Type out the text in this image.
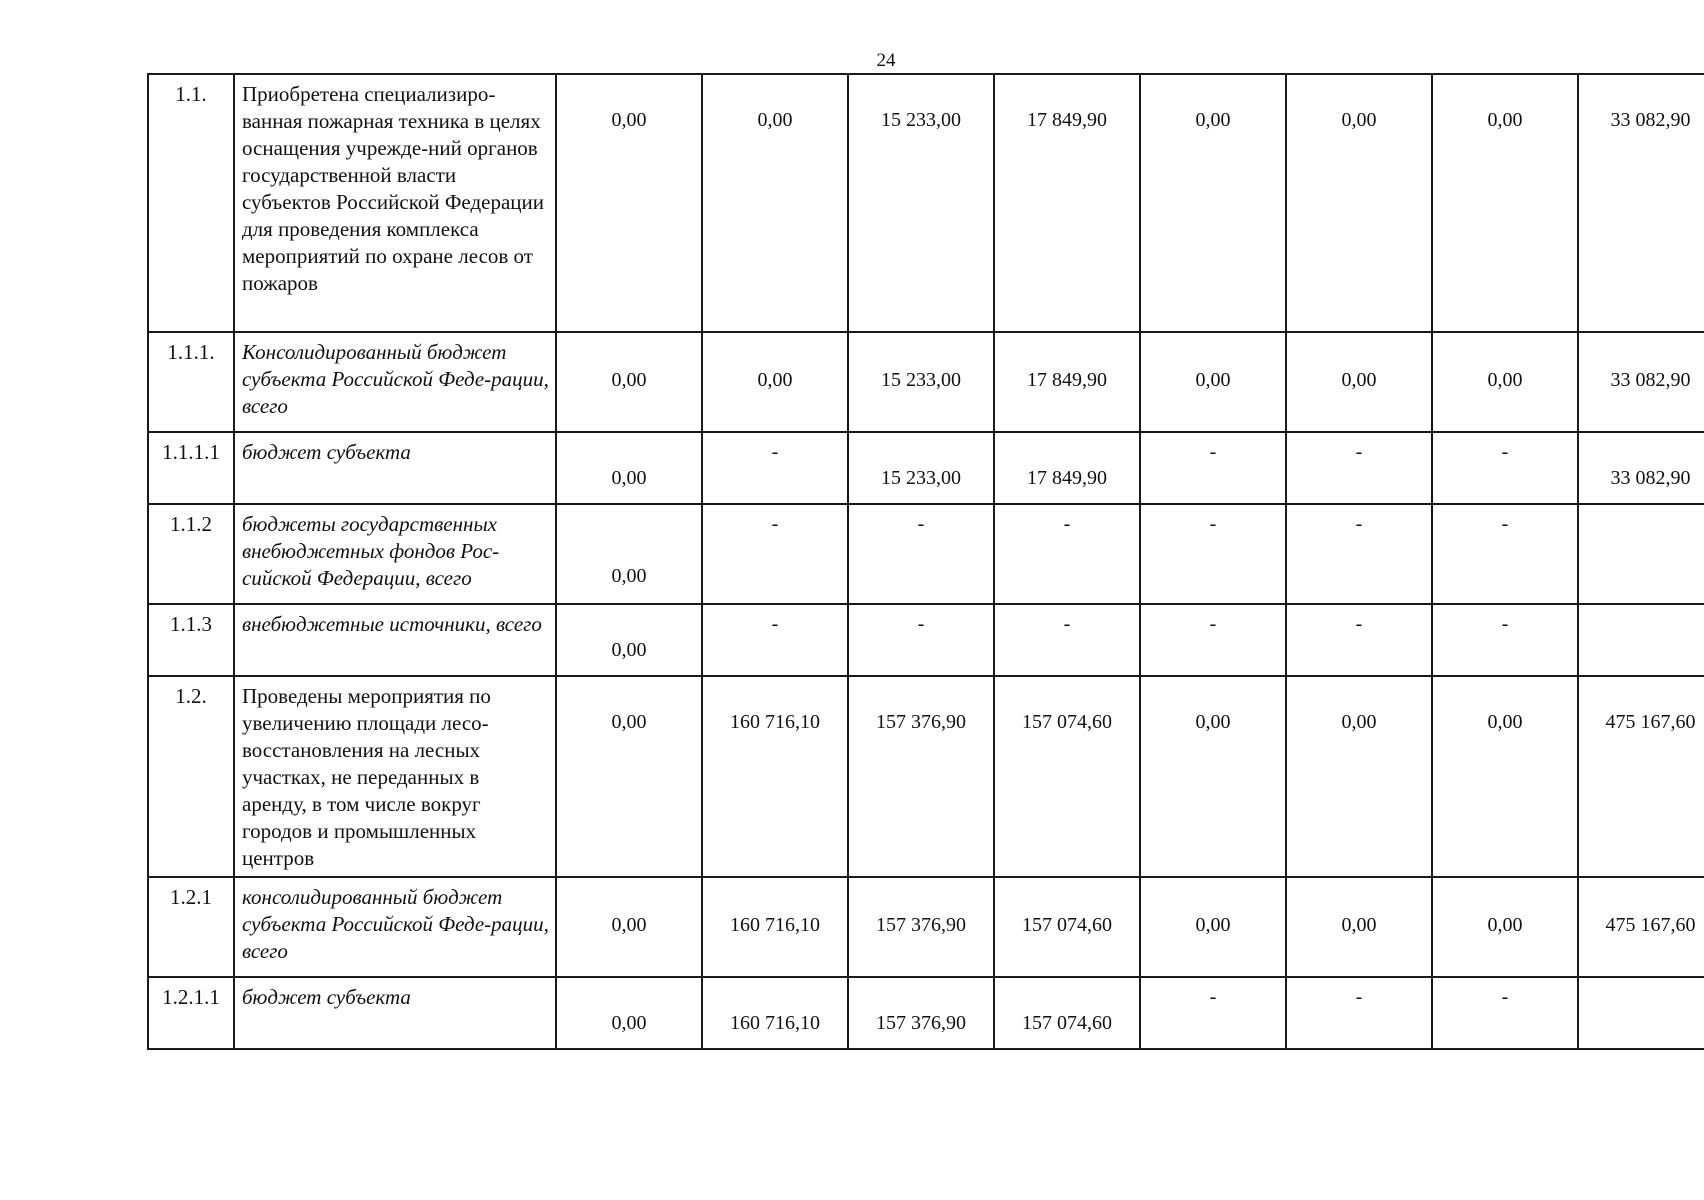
24
1.1.	Приобретена специализиро-ванная пожарная техника в целях оснащения учрежде-ний органов государственной власти субъектов Российской Федерации для проведения комплекса мероприятий по охране лесов от пожаров	0,00	0,00	15 233,00	17 849,90	0,00	0,00	0,00	33 082,90

1.1.1.	Консолидированный бюджет субъекта Российской Феде-рации, всего	0,00	0,00	15 233,00	17 849,90	0,00	0,00	0,00	33 082,90

1.1.1.1	бюджет субъекта	0,00	-	15 233,00	17 849,90	-	-	-	33 082,90

1.1.2	бюджеты государственных внебюджетных фондов Рос-сийской Федерации, всего	0,00	-	-	-	-	-	-	

1.1.3	внебюджетные источники, всего	0,00	-	-	-	-	-	-	

1.2.	Проведены мероприятия по увеличению площади лесо-восстановления на лесных участках, не переданных в аренду, в том числе вокруг городов и промышленных центров	0,00	160 716,10	157 376,90	157 074,60	0,00	0,00	0,00	475 167,60

1.2.1	консолидированный бюджет субъекта Российской Феде-рации, всего	0,00	160 716,10	157 376,90	157 074,60	0,00	0,00	0,00	475 167,60

1.2.1.1	бюджет субъекта	0,00	160 716,10	157 376,90	157 074,60	-	-	-	
